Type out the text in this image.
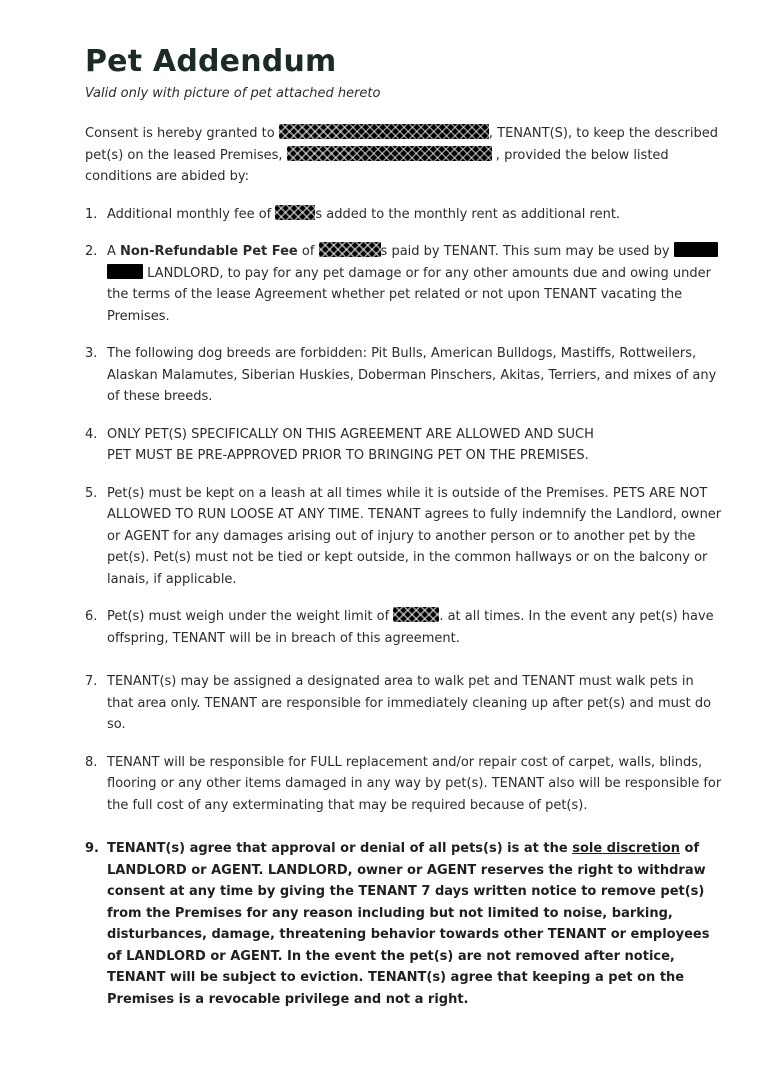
Pet Addendum

Valid only with picture of pet attached hereto

Consent is hereby granted to	, TENANT(S), to keep the described pet(s) on the leased Premises,	, provided the below listed conditions are abided by:

1. Additional monthly fee of	s added to the monthly rent as additional rent.
2. A Non-Refundable Pet Fee of	s paid by TENANT. This sum may be used by   LANDLORD, to pay for any pet damage or for any other amounts due and owing under the terms of the lease Agreement whether pet related or not upon TENANT vacating the Premises.
3. The following dog breeds are forbidden: Pit Bulls, American Bulldogs, Mastiffs, Rottweilers, Alaskan Malamutes, Siberian Huskies, Doberman Pinschers, Akitas, Terriers, and mixes of any of these breeds.
4. ONLY PET(S) SPECIFICALLY ON THIS AGREEMENT ARE ALLOWED AND SUCH
PET MUST BE PRE-APPROVED PRIOR TO BRINGING PET ON THE PREMISES.
5. Pet(s) must be kept on a leash at all times while it is outside of the Premises. PETS ARE NOT ALLOWED TO RUN LOOSE AT ANY TIME. TENANT agrees to fully indemnify the Landlord, owner or AGENT for any damages arising out of injury to another person or to another pet by the pet(s). Pet(s) must not be tied or kept outside, in the common hallways or on the balcony or lanais, if applicable.
6. Pet(s) must weigh under the weight limit of	. at all times. In the event any pet(s) have offspring, TENANT will be in breach of this agreement.
7. TENANT(s) may be assigned a designated area to walk pet and TENANT must walk pets in that area only. TENANT are responsible for immediately cleaning up after pet(s) and must do so.
8. TENANT will be responsible for FULL replacement and/or repair cost of carpet, walls, blinds, flooring or any other items damaged in any way by pet(s). TENANT also will be responsible for the full cost of any exterminating that may be required because of pet(s).
9. TENANT(s) agree that approval or denial of all pets(s) is at the sole discretion of LANDLORD or AGENT. LANDLORD, owner or AGENT reserves the right to withdraw consent at any time by giving the TENANT 7 days written notice to remove pet(s) from the Premises for any reason including but not limited to noise, barking, disturbances, damage, threatening behavior towards other TENANT or employees of LANDLORD or AGENT. In the event the pet(s) are not removed after notice, TENANT will be subject to eviction. TENANT(s) agree that keeping a pet on the Premises is a revocable privilege and not a right.
